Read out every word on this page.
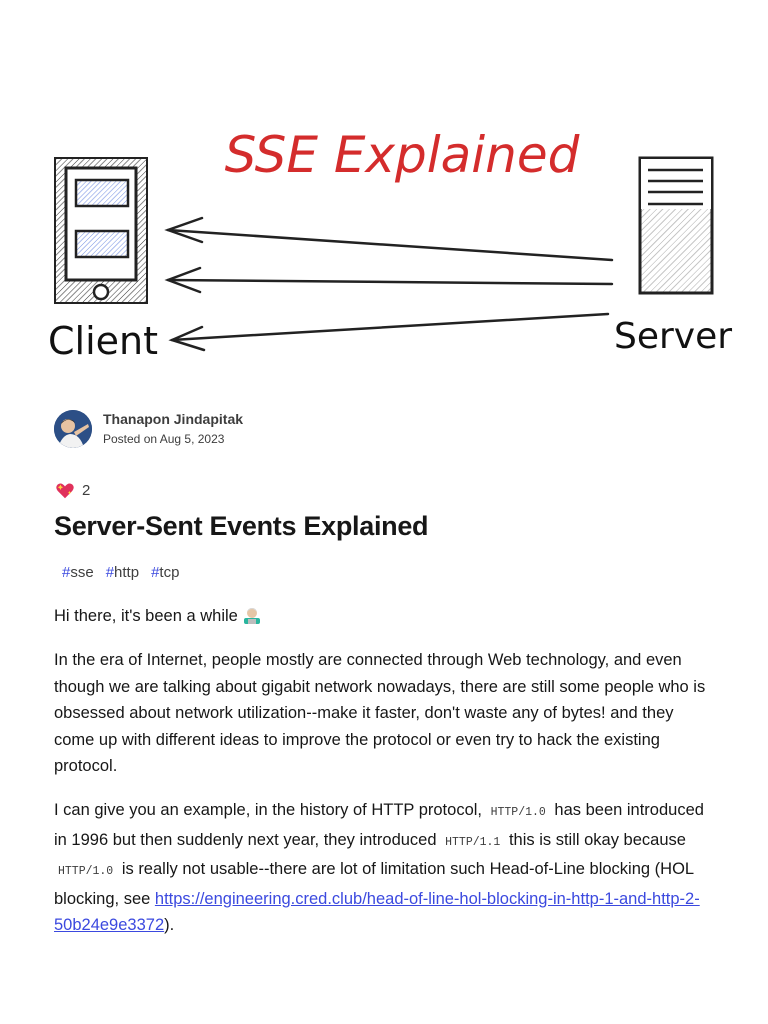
SSE Explained
Client	Server
Thanapon Jindapitak
Posted on Aug 5, 2023
2
Server-Sent Events Explained
#sse #http #tcp

Hi there, it's been a while

In the era of Internet, people mostly are connected through Web technology, and even though we are talking about gigabit network nowadays, there are still some people who is obsessed about network utilization--make it faster, don't waste any of bytes! and they come up with different ideas to improve the protocol or even try to hack the existing protocol.

I can give you an example, in the history of HTTP protocol, HTTP/1.0 has been introduced in 1996 but then suddenly next year, they introduced HTTP/1.1 this is still okay because HTTP/1.0 is really not usable--there are lot of limitation such Head-of-Line blocking (HOL blocking, see https://engineering.cred.club/head-of-line-hol-blocking-in-http-1-and-http-2-50b24e9e3372).
